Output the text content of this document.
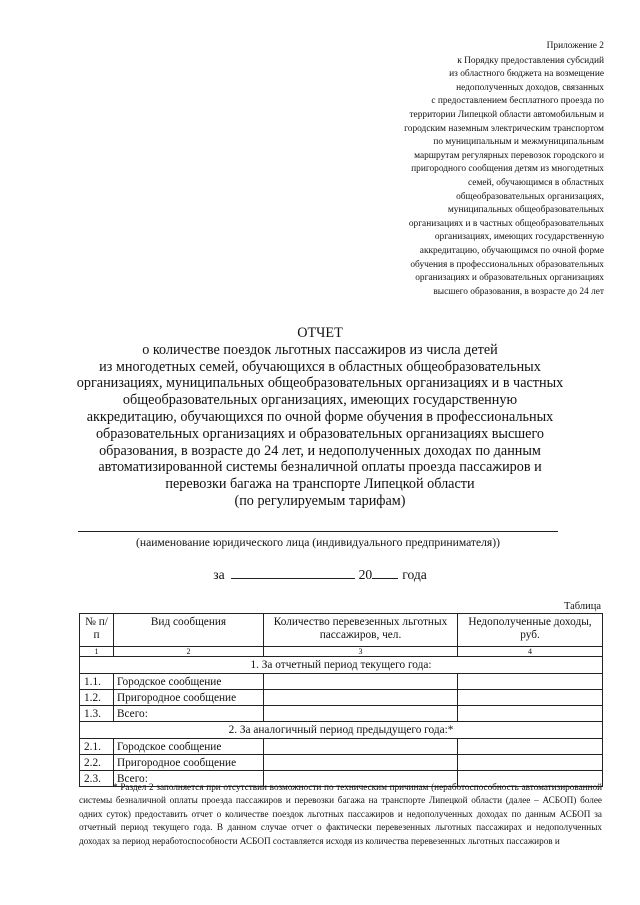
Приложение 2
к Порядку предоставления субсидий
из областного бюджета на возмещение
недополученных доходов, связанных
с предоставлением бесплатного проезда по
территории Липецкой области автомобильным и
городским наземным электрическим транспортом
по муниципальным и межмуниципальным
маршрутам регулярных перевозок городского и
пригородного сообщения детям из многодетных
семей, обучающимся в областных
общеобразовательных организациях,
муниципальных общеобразовательных
организациях и в частных общеобразовательных
организациях, имеющих государственную
аккредитацию, обучающимся по очной форме
обучения в профессиональных образовательных
организациях и образовательных организациях
высшего образования, в возрасте до 24 лет
ОТЧЕТ
о количестве поездок льготных пассажиров из числа детей
из многодетных семей, обучающихся в областных общеобразовательных
организациях, муниципальных общеобразовательных организациях и в частных
общеобразовательных организациях, имеющих государственную
аккредитацию, обучающихся по очной форме обучения в профессиональных
образовательных организациях и образовательных организациях высшего
образования, в возрасте до 24 лет, и недополученных доходах по данным
автоматизированной системы безналичной оплаты проезда пассажиров и
перевозки багажа на транспорте Липецкой области
(по регулируемым тарифам)
(наименование юридического лица (индивидуального предпринимателя))
за	20 года
Таблица
№ п/п	Вид сообщения	Количество перевезенных льготных пассажиров, чел.	Недополученные доходы, руб.
1	2	3	4
1. За отчетный период текущего года:			
1.1.	Городское сообщение		
1.2.	Пригородное сообщение		
1.3.	Всего:		
2. За аналогичный период предыдущего года:*			
2.1.	Городское сообщение		
2.2.	Пригородное сообщение		
2.3.	Всего:		
* Раздел 2 заполняется при отсутствии возможности по техническим причинам (неработоспособность автоматизированной системы безналичной оплаты проезда пассажиров и перевозки багажа на транспорте Липецкой области (далее – АСБОП) более одних суток) предоставить отчет о количестве поездок льготных пассажиров и недополученных доходах по данным АСБОП за отчетный период текущего года. В данном случае отчет о фактически перевезенных льготных пассажирах и недополученных доходах за период неработоспособности АСБОП составляется исходя из количества перевезенных льготных пассажиров и
